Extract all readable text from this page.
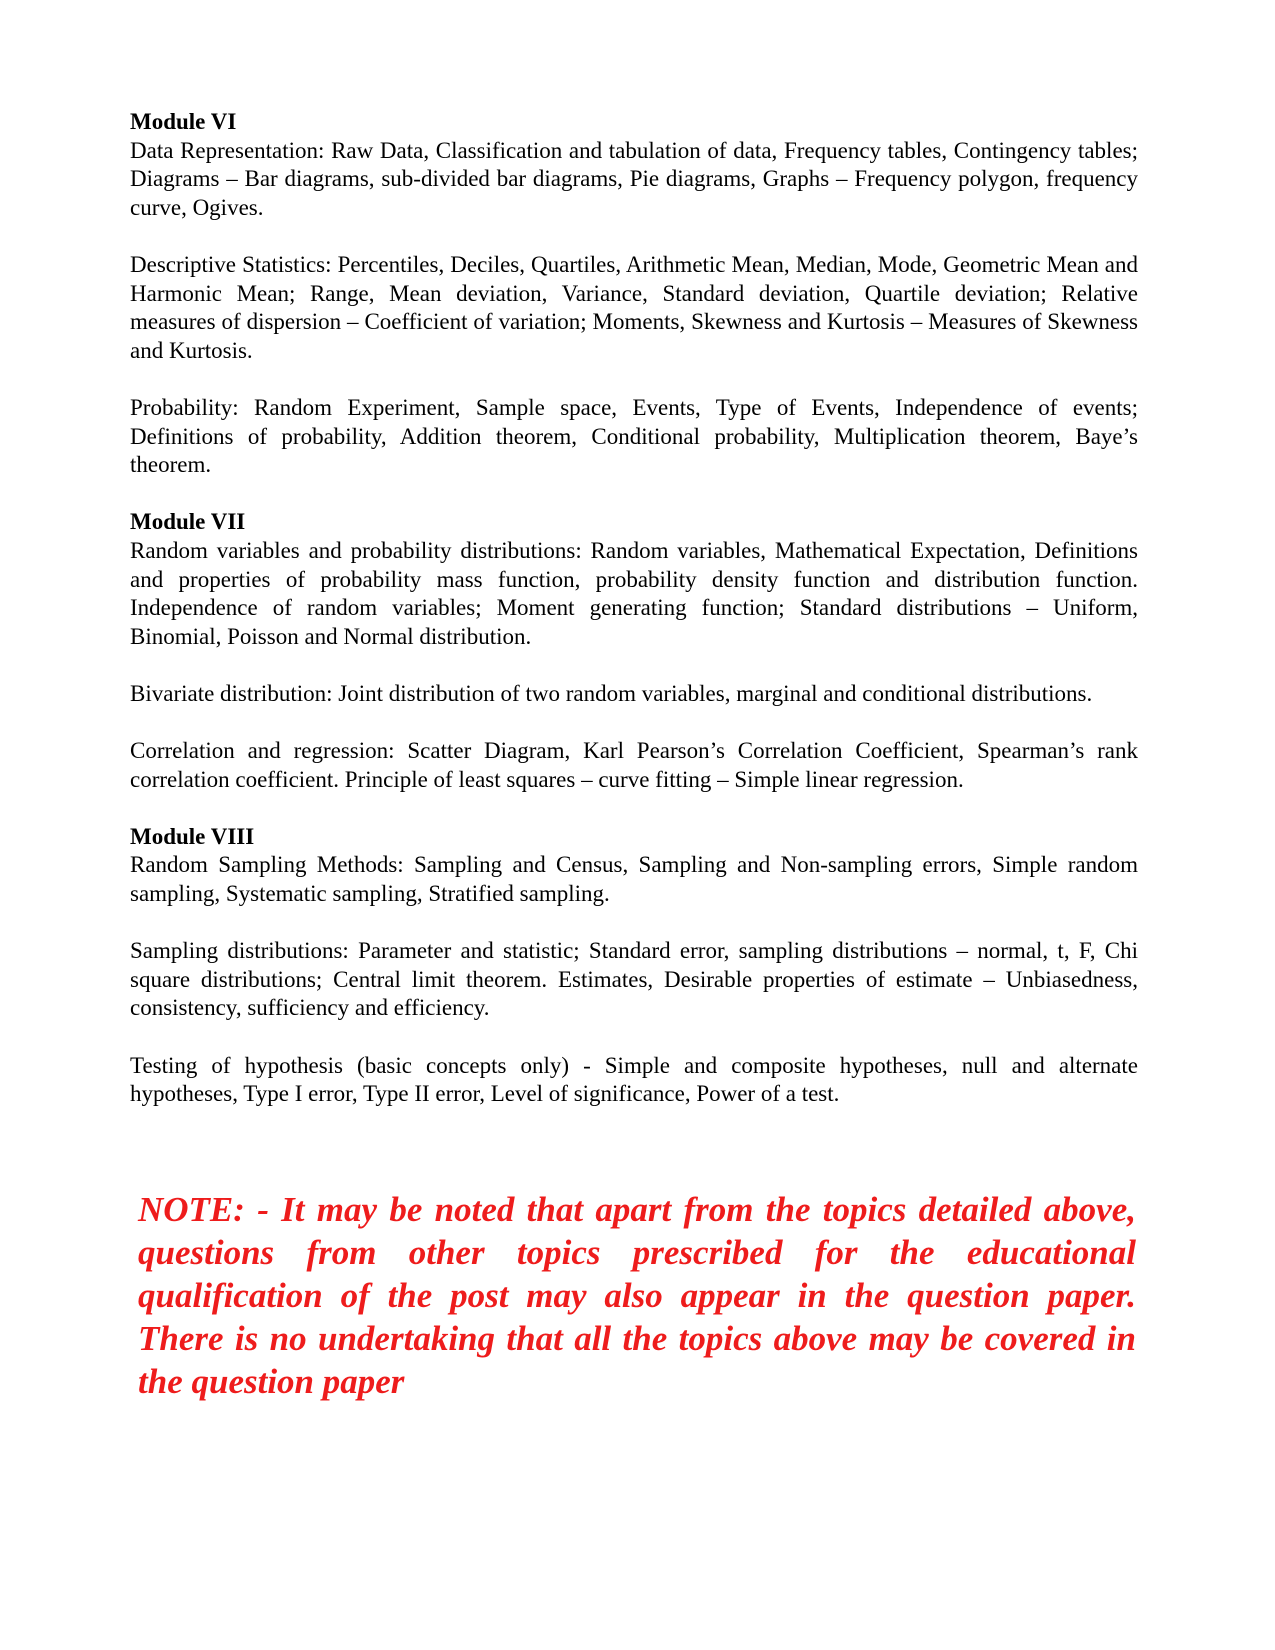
Module VI

Data Representation: Raw Data, Classification and tabulation of data, Frequency tables, Contingency tables; Diagrams – Bar diagrams, sub-divided bar diagrams, Pie diagrams, Graphs – Frequency polygon, frequency curve, Ogives.

Descriptive Statistics: Percentiles, Deciles, Quartiles, Arithmetic Mean, Median, Mode, Geometric Mean and Harmonic Mean; Range, Mean deviation, Variance, Standard deviation, Quartile deviation; Relative measures of dispersion – Coefficient of variation; Moments, Skewness and Kurtosis – Measures of Skewness and Kurtosis.

Probability: Random Experiment, Sample space, Events, Type of Events, Independence of events; Definitions of probability, Addition theorem, Conditional probability, Multiplication theorem, Baye’s theorem.

Module VII

Random variables and probability distributions: Random variables, Mathematical Expectation, Definitions and properties of probability mass function, probability density function and distribution function. Independence of random variables; Moment generating function; Standard distributions – Uniform, Binomial, Poisson and Normal distribution.

Bivariate distribution: Joint distribution of two random variables, marginal and conditional distributions.

Correlation and regression: Scatter Diagram, Karl Pearson’s Correlation Coefficient, Spearman’s rank correlation coefficient. Principle of least squares – curve fitting – Simple linear regression.

Module VIII

Random Sampling Methods: Sampling and Census, Sampling and Non-sampling errors, Simple random sampling, Systematic sampling, Stratified sampling.

Sampling distributions: Parameter and statistic; Standard error, sampling distributions – normal, t, F, Chi square distributions; Central limit theorem. Estimates, Desirable properties of estimate – Unbiasedness, consistency, sufficiency and efficiency.

Testing of hypothesis (basic concepts only) - Simple and composite hypotheses, null and alternate hypotheses, Type I error, Type II error, Level of significance, Power of a test.

NOTE: - It may be noted that apart from the topics detailed above, questions from other topics prescribed for the educational qualification of the post may also appear in the question paper. There is no undertaking that all the topics above may be covered in the question paper
